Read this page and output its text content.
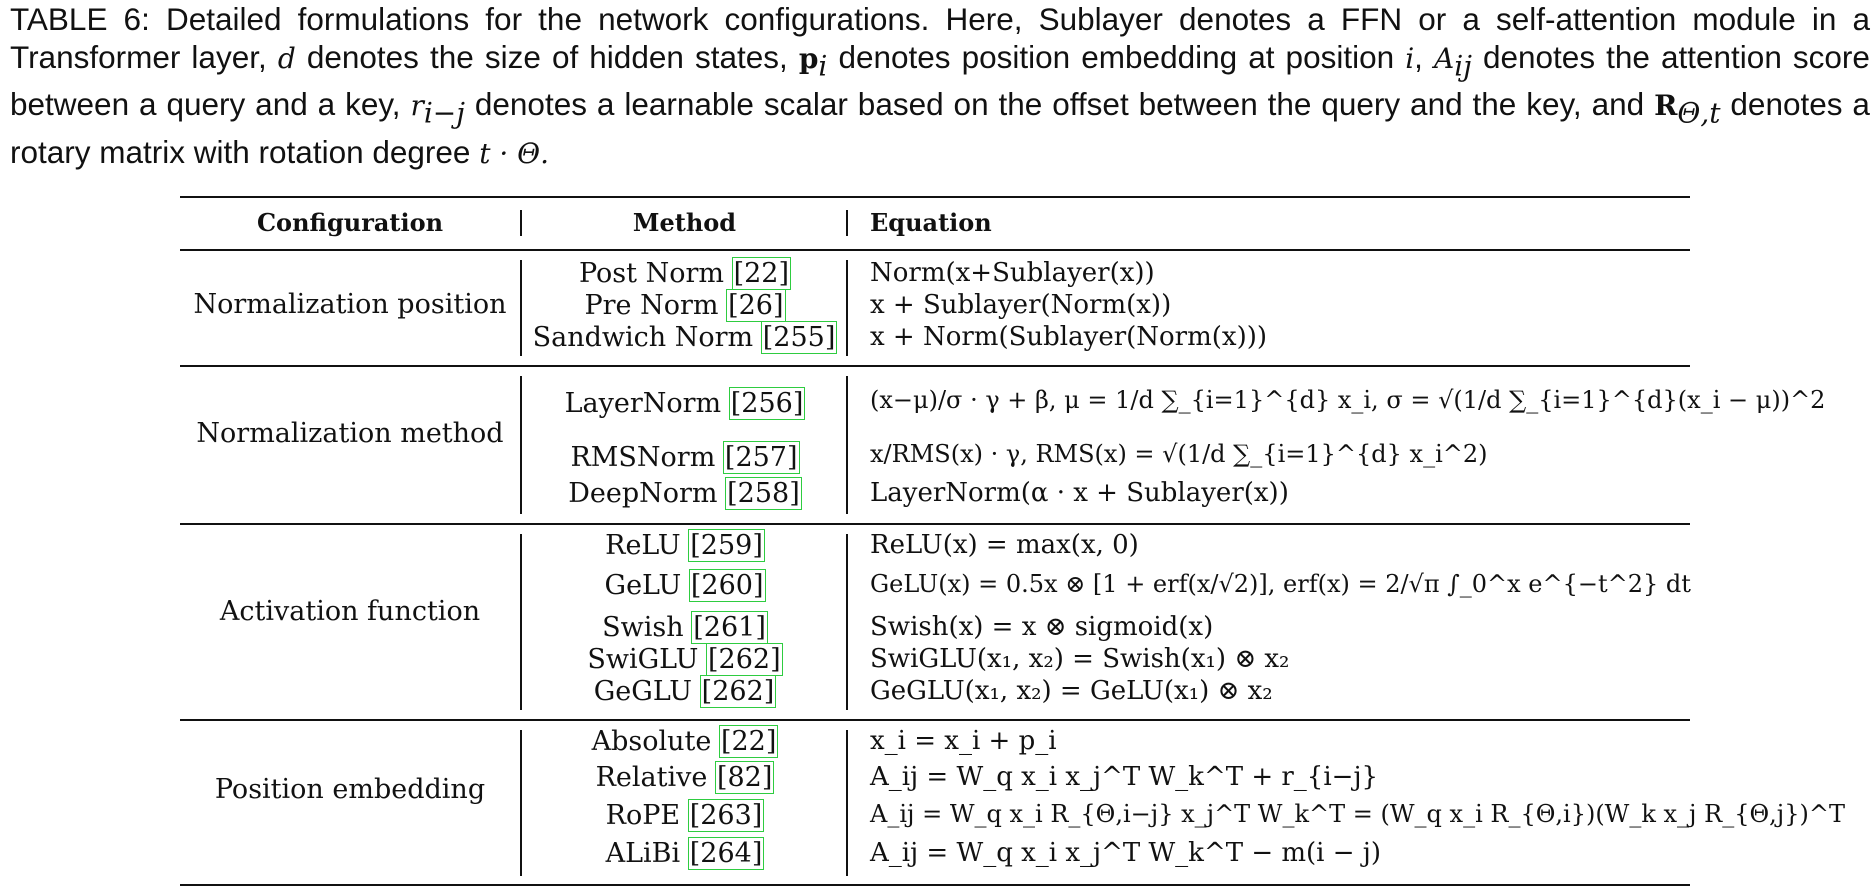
TABLE 6: Detailed formulations for the network configurations. Here, Sublayer denotes a FFN or a self-attention module in a Transformer layer, d denotes the size of hidden states, $p_i$ denotes position embedding at position i, $A_{ij}$ denotes the attention score between a query and a key, $r_{i-j}$ denotes a learnable scalar based on the offset between the query and the key, and $R_{\Theta,t}$ denotes a rotary matrix with rotation degree t · Θ.
Configuration	Method	Equation
Normalization position
Post Norm [22]
Pre Norm [26]
Sandwich Norm [255]
Norm(x+Sublayer(x))
x + Sublayer(Norm(x))
x + Norm(Sublayer(Norm(x)))
Normalization method
LayerNorm [256]
RMSNorm [257]
DeepNorm [258]
(x−μ)/σ · γ + β, μ = 1/d ∑_{i=1}^{d} x_i, σ = √(1/d ∑_{i=1}^{d}(x_i − μ))^2
x/RMS(x) · γ, RMS(x) = √(1/d ∑_{i=1}^{d} x_i^2)
LayerNorm(α · x + Sublayer(x))
Activation function
ReLU [259]
GeLU [260]
Swish [261]
SwiGLU [262]
GeGLU [262]
ReLU(x) = max(x, 0)
GeLU(x) = 0.5x ⊗ [1 + erf(x/√2)], erf(x) = 2/√π ∫_0^x e^{−t^2} dt
Swish(x) = x ⊗ sigmoid(x)
SwiGLU(x₁, x₂) = Swish(x₁) ⊗ x₂
GeGLU(x₁, x₂) = GeLU(x₁) ⊗ x₂
Position embedding
Absolute [22]
Relative [82]
RoPE [263]
ALiBi [264]
x_i = x_i + p_i
A_ij = W_q x_i x_j^T W_k^T + r_{i−j}
A_ij = W_q x_i R_{Θ,i−j} x_j^T W_k^T = (W_q x_i R_{Θ,i})(W_k x_j R_{Θ,j})^T
A_ij = W_q x_i x_j^T W_k^T − m(i − j)
